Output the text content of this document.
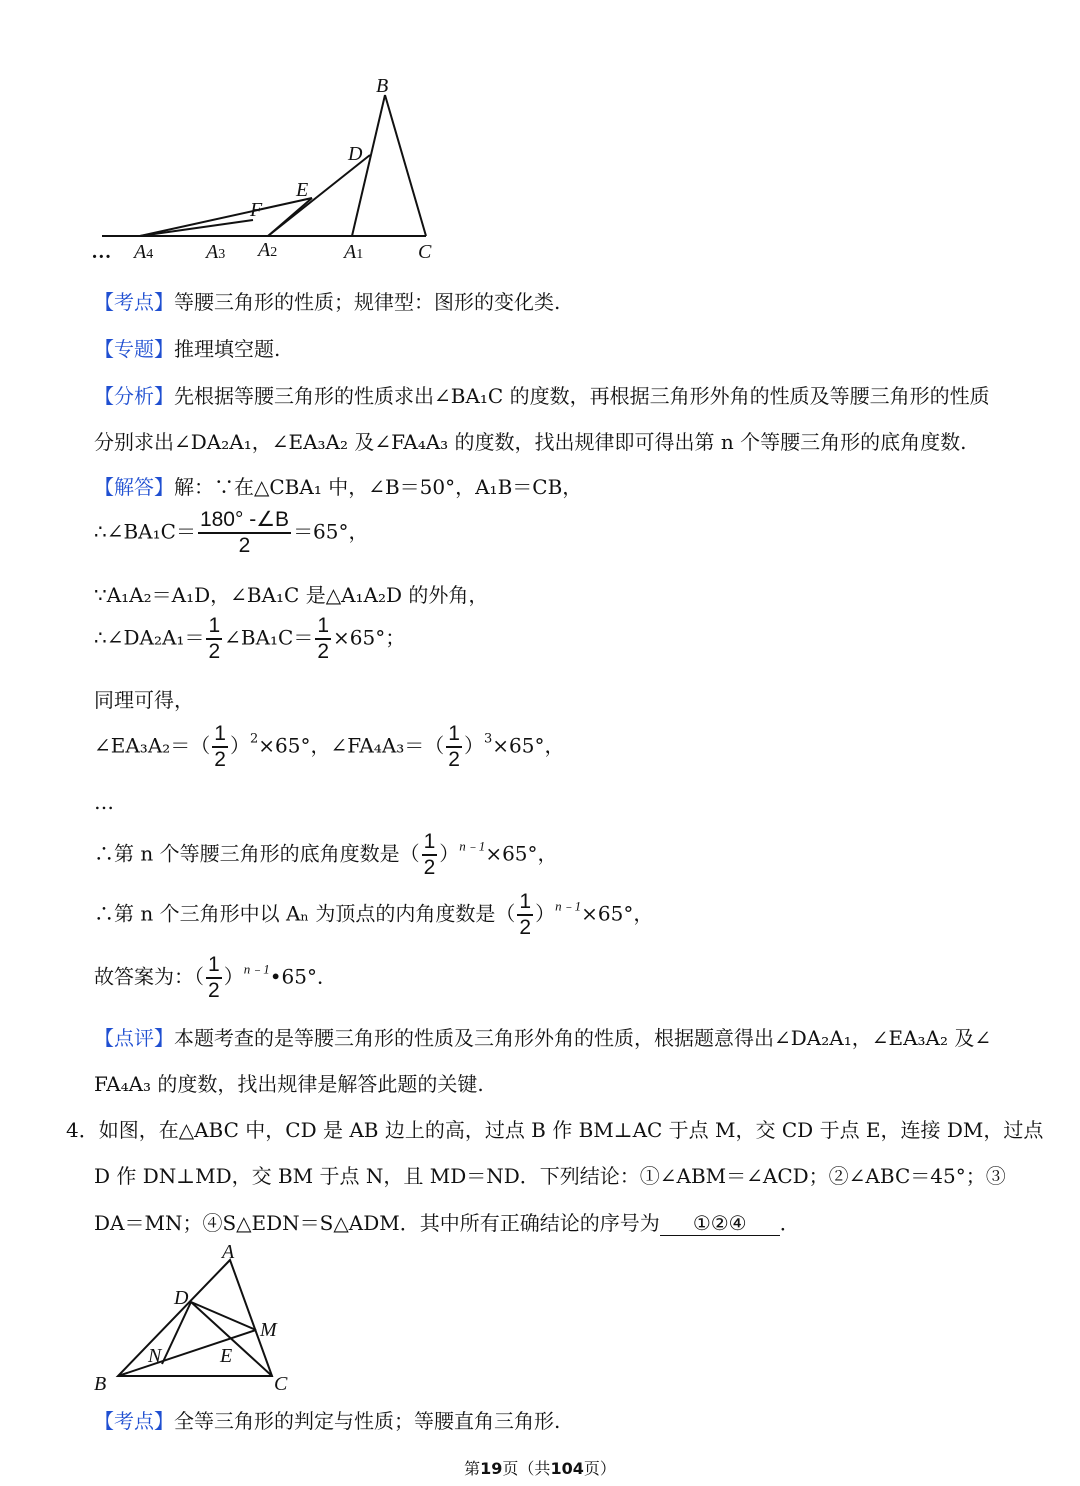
B
D
E
F
C
A4	A3 A2	A1
…
【考点】等腰三角形的性质；规律型：图形的变化类.
【专题】推理填空题.
【分析】先根据等腰三角形的性质求出∠BA₁C 的度数，再根据三角形外角的性质及等腰三角形的性质
分别求出∠DA₂A₁，∠EA₃A₂ 及∠FA₄A₃ 的度数，找出规律即可得出第 n 个等腰三角形的底角度数.
【解答】解：∵在△CBA₁ 中，∠B＝50°，A₁B＝CB，
∴∠BA₁C＝ $\frac{180^\circ -\angle B}{2} =65^\circ$，
∵A₁A₂＝A₁D，∠BA₁C 是△A₁A₂D 的外角，
∴∠DA₂A₁＝ $\frac{1}{2}$ ∠BA₁C＝ $\frac{1}{2} \times 65^\circ$；
同理可得，
∠EA₃A₂＝（ $\frac{1}{2} )^2\times 65^\circ$，∠FA₄A₃＝（ $\frac{1}{2} )^3\times 65^\circ$，
…
∴第 n 个等腰三角形的底角度数是（ $\frac{1}{2} )^{n﹣1}\times 65^\circ$，
∴第 n 个三角形中以 Aₙ 为顶点的内角度数是（ $\frac{1}{2} )^{n﹣1}\times 65^\circ$，
故答案为：（ $\frac{1}{2}$ ）$^{n﹣1}$•65°．
【点评】本题考查的是等腰三角形的性质及三角形外角的性质，根据题意得出∠DA₂A₁，∠EA₃A₂ 及∠
FA₄A₃ 的度数，找出规律是解答此题的关键.
4．如图，在△ABC 中，CD 是 AB 边上的高，过点 B 作 BM⊥AC 于点 M，交 CD 于点 E，连接 DM，过点
D 作 DN⊥MD，交 BM 于点 N，且 MD＝ND．下列结论：①∠ABM＝∠ACD；②∠ABC＝45°；③
DA＝MN；④S△EDN＝S△ADM．其中所有正确结论的序号为 ①②④ ．
A
D
M
N	E
B	C
【考点】全等三角形的判定与性质；等腰直角三角形.
第19页（共104页）
